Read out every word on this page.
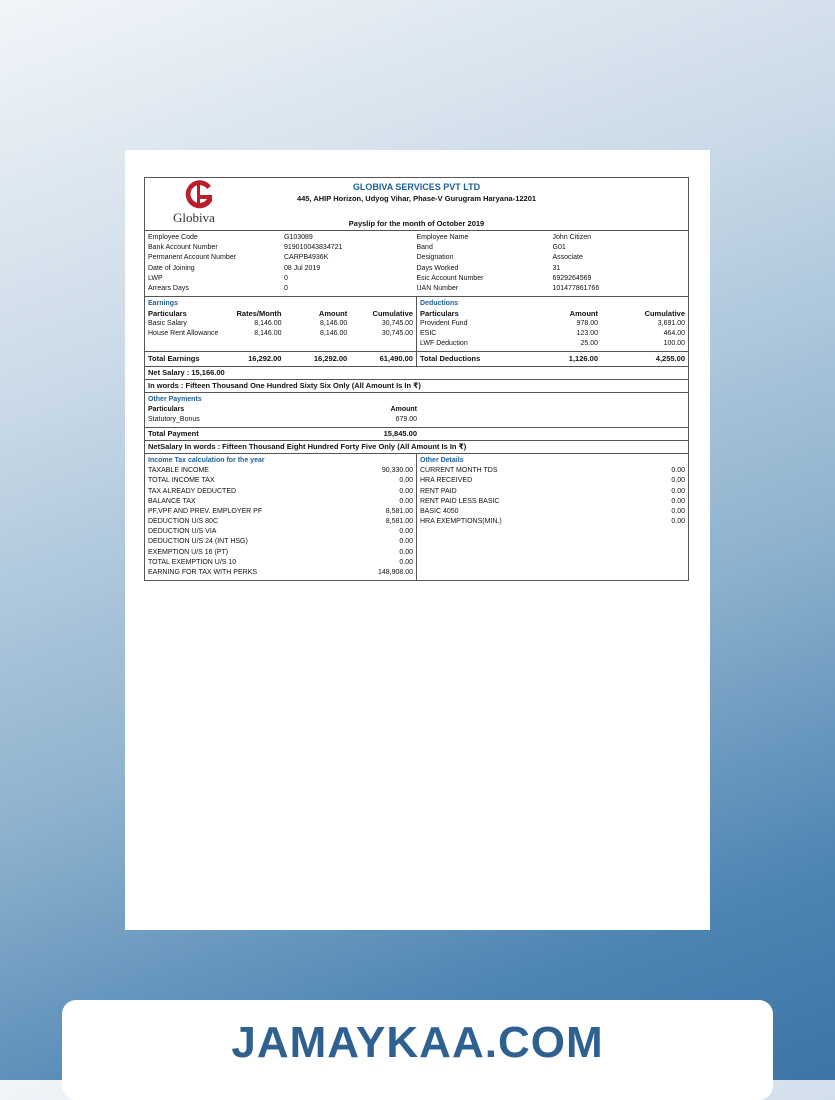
Globiva
GLOBIVA SERVICES PVT LTD
445, AHIP Horizon, Udyog Vihar, Phase-V Gurugram Haryana-12201
Payslip for the month of October 2019
Employee Code	G103089
Bank Account Number	919010043834721
Permanent Account Number	CARPB4936K
Date of Joining	08 Jul 2019
LWP	0
Arrears Days	0
Employee Name	John Citizen
Band	G01
Designation	Associate
Days Worked	31
Esic Account Number	6929264569
UAN Number	101477861766
Earnings
Particulars	Rates/Month	Amount	Cumulative
Basic Salary	8,146.00	8,146.00	30,745.00
House Rent Allowance	8,146.00	8,146.00	30,745.00
Deductions
Particulars	Amount	Cumulative
Provident Fund	978.00	3,691.00
ESIC	123.00	464.00
LWF Deduction	25.00	100.00
Total Earnings	16,292.00	16,292.00	61,490.00 Total Deductions	1,126.00	4,255.00
Net Salary : 15,166.00
In words : Fifteen Thousand One Hundred Sixty Six Only (All Amount Is In ₹)
Other Payments
Particulars	Amount
Statutory_Bonus	679.00
Total Payment	15,845.00
NetSalary In words : Fifteen Thousand Eight Hundred Forty Five Only (All Amount Is In ₹)
Income Tax calculation for the year
TAXABLE INCOME	90,330.00
TOTAL INCOME TAX	0.00
TAX ALREADY DEDUCTED	0.00
BALANCE TAX	0.00
PF,VPF AND PREV. EMPLOYER PF	8,581.00
DEDUCTION U/S 80C	8,581.00
DEDUCTION U/S VIA	0.00
DEDUCTION U/S 24 (INT HSG)	0.00
EXEMPTION U/S 16 (PT)	0.00
TOTAL EXEMPTION U/S 10	0.00
EARNING FOR TAX WITH PERKS	148,908.00
Other Details
CURRENT MONTH TDS	0.00
HRA RECEIVED	0.00
RENT PAID	0.00
RENT PAID LESS BASIC	0.00
BASIC 4050	0.00
HRA EXEMPTIONS(MIN.)	0.00
JAMAYKAA.COM
